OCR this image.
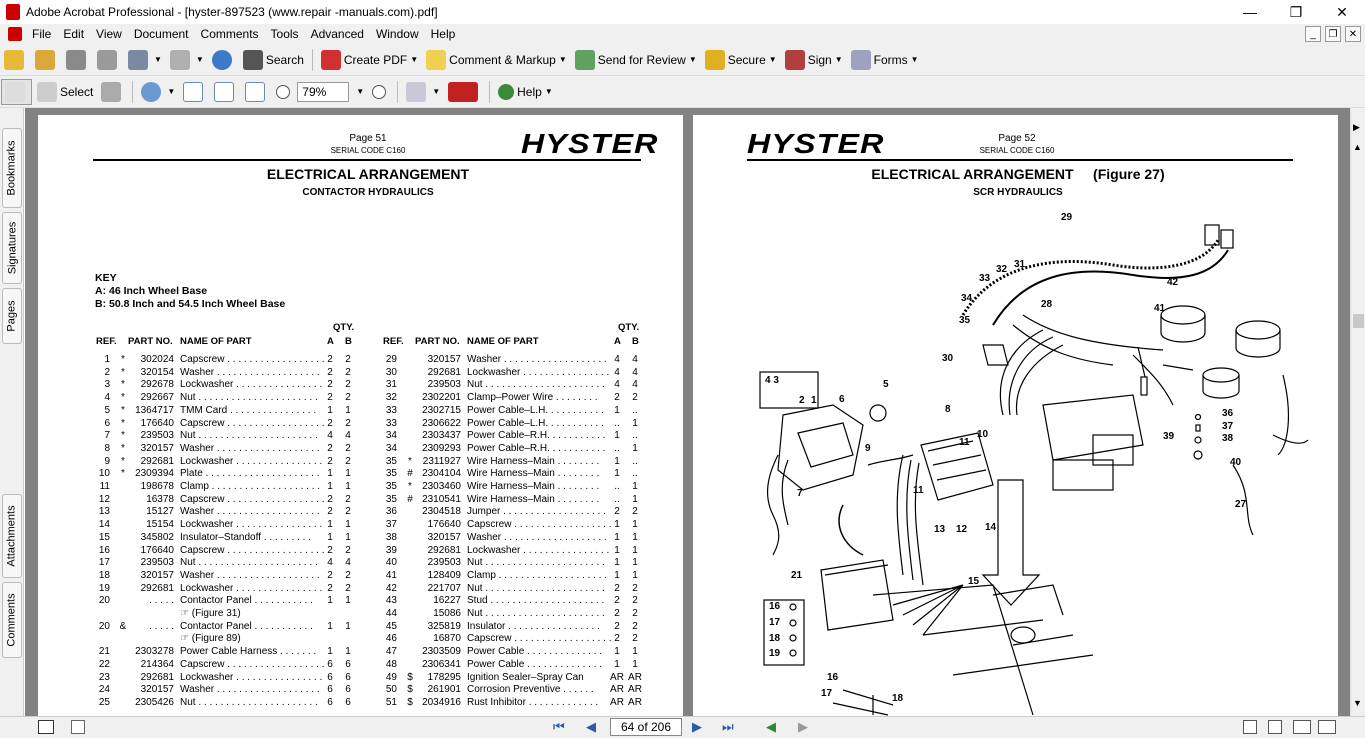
Adobe Acrobat Professional - [hyster-897523 (www.repair -manuals.com).pdf]	—	❐	✕
File	Edit	View	Document	Comments	Tools	Advanced	Window	Help	_	❐	✕
▼	▼	Search	Create PDF ▼	Comment & Markup ▼	Send for Review ▼	Secure ▼	Sign ▼	Forms ▼
Select	▼
79%	▼	▼	Help ▼
Bookmarks
Signatures
Pages
Attachments
Comments
Page 51
SERIAL CODE C160	HYSTER
ELECTRICAL ARRANGEMENT
CONTACTOR HYDRAULICS
KEY
A: 46 Inch Wheel Base
B: 50.8 Inch and 54.5 Inch Wheel Base
QTY.	QTY.
REF. PART NO. NAME OF PART	A B	REF. PART NO. NAME OF PART	A B
1	*	302024 Capscrew . . . . . . . . . . . . . . . . . . 2	2
2	*	320154 Washer . . . . . . . . . . . . . . . . . . . 2	2
3	*	292678 Lockwasher . . . . . . . . . . . . . . . . 2	2
4	*	292667 Nut . . . . . . . . . . . . . . . . . . . . . . 2	2
5	*	1364717 TMM Card . . . . . . . . . . . . . . . .	1	1
6	*	176640 Capscrew . . . . . . . . . . . . . . . . . . 2	2
7	*	239503 Nut . . . . . . . . . . . . . . . . . . . . . . 4	4
8	*	320157 Washer . . . . . . . . . . . . . . . . . . . 2	2
9	*	292681 Lockwasher . . . . . . . . . . . . . . . . 2	2
10	*	2309394 Plate . . . . . . . . . . . . . . . . . . . . . 1	1
11	198678 Clamp . . . . . . . . . . . . . . . . . . . . 1	1
12	16378 Capscrew . . . . . . . . . . . . . . . . . . 2	2
13	15127 Washer . . . . . . . . . . . . . . . . . . . 2	2
14	15154 Lockwasher . . . . . . . . . . . . . . . . 1	1
15	345802 Insulator–Standoff . . . . . . . . .	1	1
16	176640 Capscrew . . . . . . . . . . . . . . . . . . 2	2
17	239503 Nut . . . . . . . . . . . . . . . . . . . . . . 4	4
18	320157 Washer . . . . . . . . . . . . . . . . . . . 2	2
19	292681 Lockwasher . . . . . . . . . . . . . . . . 2	2
20	. . . . . Contactor Panel . . . . . . . . . . .	1	1
☞ (Figure 31)
20 &	. . . . . Contactor Panel . . . . . . . . . . .	1	1
☞ (Figure 89)
21	2303278 Power Cable Harness . . . . . . .	1	1
22	214364 Capscrew . . . . . . . . . . . . . . . . . . 6	6
23	292681 Lockwasher . . . . . . . . . . . . . . . . 6	6
24	320157 Washer . . . . . . . . . . . . . . . . . . . 6	6
25	2305426 Nut . . . . . . . . . . . . . . . . . . . . . . 6	6
29	320157 Washer . . . . . . . . . . . . . . . . . . . 4	4
30	292681 Lockwasher . . . . . . . . . . . . . . . . 4	4
31	239503 Nut . . . . . . . . . . . . . . . . . . . . . . 4	4
32	2302201 Clamp–Power Wire . . . . . . . .	2	2
33	2302715 Power Cable–L.H. . . . . . . . . . .	1	..
33	2306622 Power Cable–L.H. . . . . . . . . . .	..	1
34	2303437 Power Cable–R.H. . . . . . . . . . . 1	..
34	2309293 Power Cable–R.H. . . . . . . . . . . ..	1
35	*	2311927 Wire Harness–Main . . . . . . . .	1	..
35 # 2304104 Wire Harness–Main . . . . . . . .	1	..
35	*	2303460 Wire Harness–Main . . . . . . . .	..	1
35 # 2310541 Wire Harness–Main . . . . . . . .	..	1
36	2304518 Jumper . . . . . . . . . . . . . . . . . . . 2	2
37	176640 Capscrew . . . . . . . . . . . . . . . . . . 1	1
38	320157 Washer . . . . . . . . . . . . . . . . . . . 1	1
39	292681 Lockwasher . . . . . . . . . . . . . . . . 1	1
40	239503 Nut . . . . . . . . . . . . . . . . . . . . . . 1	1
41	128409 Clamp . . . . . . . . . . . . . . . . . . . . 1	1
42	221707 Nut . . . . . . . . . . . . . . . . . . . . . . 2	2
43	16227 Stud . . . . . . . . . . . . . . . . . . . . . 2	2
44	15086 Nut . . . . . . . . . . . . . . . . . . . . . . 2	2
45	325819 Insulator . . . . . . . . . . . . . . . . .	2	2
46	16870 Capscrew . . . . . . . . . . . . . . . . . . 2	2
47	2303509 Power Cable . . . . . . . . . . . . . .	1	1
48	2306341 Power Cable . . . . . . . . . . . . . .	1	1
49 $	178295 Ignition Sealer–Spray Can	AR AR
50 $	261901 Corrosion Preventive . . . . . . AR AR
51 $ 2034916 Rust Inhibitor . . . . . . . . . . . . . AR AR
HYSTER	Page 52
SERIAL CODE C160
ELECTRICAL ARRANGEMENT     (Figure 27)
SCR HYDRAULICS
29
32 31
33
34
28
35
42
41
30
4 3
2 1
5
6
8
10
11
9
36
37
38
39
40
7	11
13 12 14
27
21
15
16
17
18
19
16
17	18
▶
▲
▼
⏮ ◀	64 of 206	▶ ⏭ ◀ ▶
